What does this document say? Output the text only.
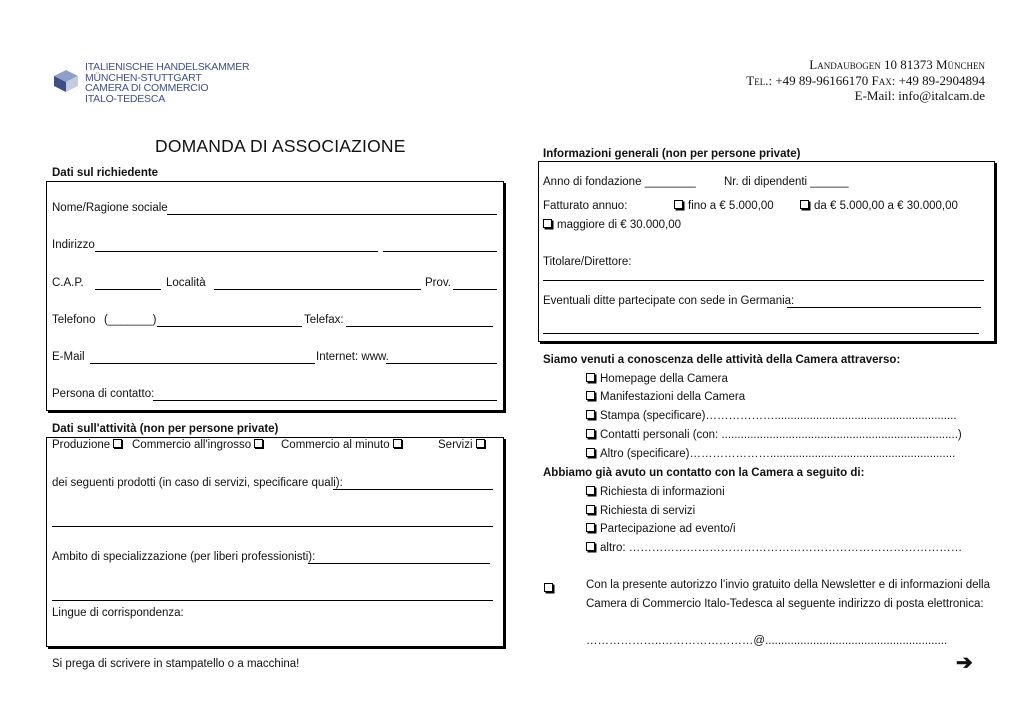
ITALIENISCHE HANDELSKAMMER
MÜNCHEN-STUTTGART
CAMERA DI COMMERCIO
ITALO-TEDESCA
Landaubogen 10 81373 München
Tel.: +49 89-96166170 Fax: +49 89-2904894
E-Mail: info@italcam.de
DOMANDA DI ASSOCIAZIONE
Dati sul richiedente
Nome/Ragione sociale
Indirizzo
C.A.P.	Località	Prov.
Telefono (_______)	Telefax:
E-Mail	Internet: www.
Persona di contatto:
Dati sull'attività (non per persone private)
Produzione	Commercio all'ingrosso	Commercio al minuto	Servizi
dei seguenti prodotti (in caso di servizi, specificare quali):
Ambito di specializzazione (per liberi professionisti):
Lingue di corrispondenza:
Si prega di scrivere in stampatello o a macchina!
Informazioni generali (non per persone private)
Anno di fondazione ________ Nr. di dipendenti ______
Fatturato annuo:	fino a € 5.000,00	da € 5.000,00 a € 30.000,00
maggiore di € 30.000,00
Titolare/Direttore:
Eventuali ditte partecipate con sede in Germania:
Siamo venuti a conoscenza delle attività della Camera attraverso:
Homepage della Camera
Manifestazioni della Camera
Stampa (specificare)……………….........................................................
Contatti personali (con: ..........................................................................)
Altro (specificare)…………………..........................................................
Abbiamo già avuto un contatto con la Camera a seguito di:
Richiesta di informazioni
Richiesta di servizi
Partecipazione ad evento/i
altro: ……………………………………………………………………………
Con la presente autorizzo l’invio gratuito della Newsletter e di informazioni della
Camera di Commercio Italo-Tedesca al seguente indirizzo di posta elettronica:
………………..……………………@.........................................................
➔
